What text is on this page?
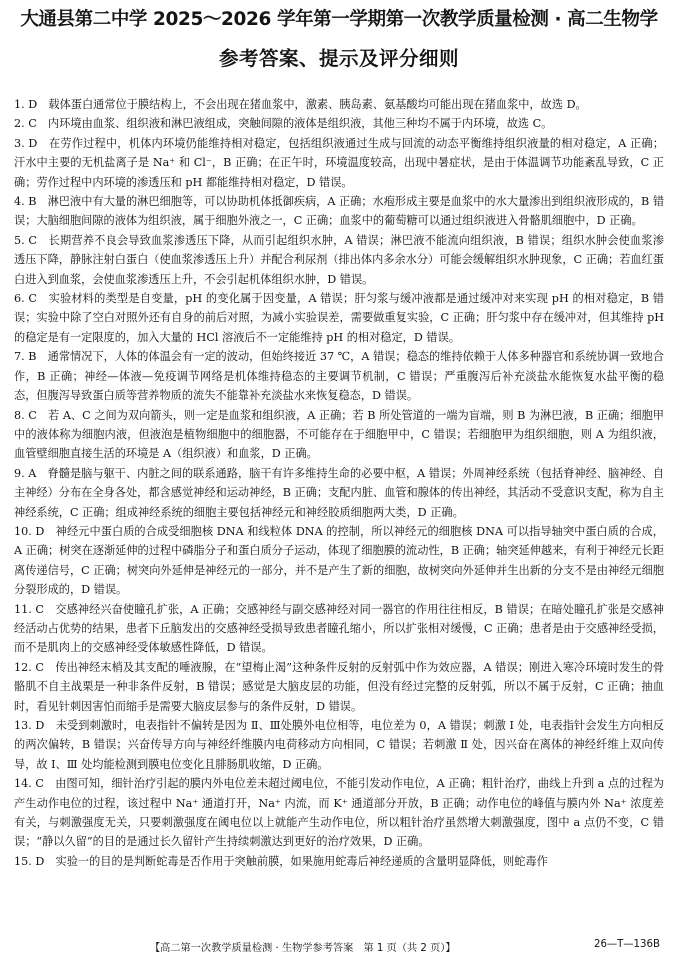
大通县第二中学 2025～2026 学年第一学期第一次教学质量检测 · 高二生物学
参考答案、提示及评分细则

1. D　 载体蛋白通常位于膜结构上，不会出现在猪血浆中，激素、胰岛素、氨基酸均可能出现在猪血浆中，故选 D。

2. C　 内环境由血浆、组织液和淋巴液组成，突触间隙的液体是组织液，其他三种均不属于内环境，故选 C。

3. D　 在劳作过程中，机体内环境仍能维持相对稳定，包括组织液通过生成与回流的动态平衡维持组织液量的相对稳定，A 正确；汗水中主要的无机盐离子是 Na⁺ 和 Cl⁻，B 正确；在正午时，环境温度较高，出现中暑症状，是由于体温调节功能紊乱导致，C 正确；劳作过程中内环境的渗透压和 pH 都能维持相对稳定，D 错误。

4. B　 淋巴液中有大量的淋巴细胞等，可以协助机体抵御疾病，A 正确；水疱形成主要是血浆中的水大量渗出到组织液形成的，B 错误；大脑细胞间隙的液体为组织液，属于细胞外液之一，C 正确；血浆中的葡萄糖可以通过组织液进入骨骼肌细胞中，D 正确。

5. C　 长期营养不良会导致血浆渗透压下降，从而引起组织水肿，A 错误；淋巴液不能流向组织液，B 错误；组织水肿会使血浆渗透压下降，静脉注射白蛋白（使血浆渗透压上升）并配合利尿剂（排出体内多余水分）可能会缓解组织水肿现象，C 正确；若血红蛋白进入到血浆，会使血浆渗透压上升，不会引起机体组织水肿，D 错误。

6. C　 实验材料的类型是自变量，pH 的变化属于因变量，A 错误；肝匀浆与缓冲液都是通过缓冲对来实现 pH 的相对稳定，B 错误；实验中除了空白对照外还有自身的前后对照，为减小实验误差，需要做重复实验，C 正确；肝匀浆中存在缓冲对，但其维持 pH 的稳定是有一定限度的，加入大量的 HCl 溶液后不一定能维持 pH 的相对稳定，D 错误。

7. B　 通常情况下，人体的体温会有一定的波动，但始终接近 37 ℃，A 错误；稳态的维持依赖于人体多种器官和系统协调一致地合作，B 正确；神经—体液—免疫调节网络是机体维持稳态的主要调节机制，C 错误；严重腹泻后补充淡盐水能恢复水盐平衡的稳态，但腹泻导致蛋白质等营养物质的流失不能靠补充淡盐水来恢复稳态，D 错误。

8. C　 若 A、C 之间为双向箭头，则一定是血浆和组织液，A 正确；若 B 所处管道的一端为盲端，则 B 为淋巴液，B 正确；细胞甲中的液体称为细胞内液，但液泡是植物细胞中的细胞器，不可能存在于细胞甲中，C 错误；若细胞甲为组织细胞，则 A 为组织液，血管壁细胞直接生活的环境是 A（组织液）和血浆，D 正确。

9. A　 脊髓是脑与躯干、内脏之间的联系通路，脑干有许多维持生命的必要中枢，A 错误；外周神经系统（包括脊神经、脑神经、自主神经）分布在全身各处，都含感觉神经和运动神经，B 正确；支配内脏、血管和腺体的传出神经，其活动不受意识支配，称为自主神经系统，C 正确；组成神经系统的细胞主要包括神经元和神经胶质细胞两大类，D 正确。

10. D　 神经元中蛋白质的合成受细胞核 DNA 和线粒体 DNA 的控制，所以神经元的细胞核 DNA 可以指导轴突中蛋白质的合成，A 正确；树突在逐渐延伸的过程中磷脂分子和蛋白质分子运动，体现了细胞膜的流动性，B 正确；轴突延伸越来，有利于神经元长距离传递信号，C 正确；树突向外延伸是神经元的一部分，并不是产生了新的细胞，故树突向外延伸并生出新的分支不是由神经元细胞分裂形成的，D 错误。

11. C　 交感神经兴奋使瞳孔扩张，A 正确；交感神经与副交感神经对同一器官的作用往往相反，B 错误；在暗处瞳孔扩张是交感神经活动占优势的结果，患者下丘脑发出的交感神经受损导致患者瞳孔缩小，所以扩张相对缓慢，C 正确；患者是由于交感神经受损，而不是肌肉上的交感神经受体敏感性降低，D 错误。

12. C　 传出神经末梢及其支配的唾液腺，在“望梅止渴”这种条件反射的反射弧中作为效应器，A 错误；刚进入寒冷环境时发生的骨骼肌不自主战栗是一种非条件反射，B 错误；感觉是大脑皮层的功能，但没有经过完整的反射弧，所以不属于反射，C 正确；抽血时，看见针刺因害怕而缩手是需要大脑皮层参与的条件反射，D 错误。

13. D　 未受到刺激时，电表指针不偏转是因为 Ⅱ、Ⅲ处膜外电位相等，电位差为 0，A 错误；刺激 Ⅰ 处，电表指针会发生方向相反的两次偏转，B 错误；兴奋传导方向与神经纤维膜内电荷移动方向相同，C 错误；若刺激 Ⅱ 处，因兴奋在离体的神经纤维上双向传导，故 Ⅰ、Ⅲ 处均能检测到膜电位变化且腓肠肌收缩，D 正确。

14. C　 由图可知，细针治疗引起的膜内外电位差未超过阈电位，不能引发动作电位，A 正确；粗针治疗，曲线上升到 a 点的过程为产生动作电位的过程，该过程中 Na⁺ 通道打开，Na⁺ 内流，而 K⁺ 通道部分开放，B 正确；动作电位的峰值与膜内外 Na⁺ 浓度差有关，与刺激强度无关，只要刺激强度在阈电位以上就能产生动作电位，所以粗针治疗虽然增大刺激强度，图中 a 点仍不变，C 错误；“静以久留”的目的是通过长久留针产生持续刺激达到更好的治疗效果，D 正确。

15. D　 实验一的目的是判断蛇毒是否作用于突触前膜，如果施用蛇毒后神经递质的含量明显降低，则蛇毒作

【高二第一次教学质量检测 · 生物学参考答案　第 1 页（共 2 页）】	26—T—136B
